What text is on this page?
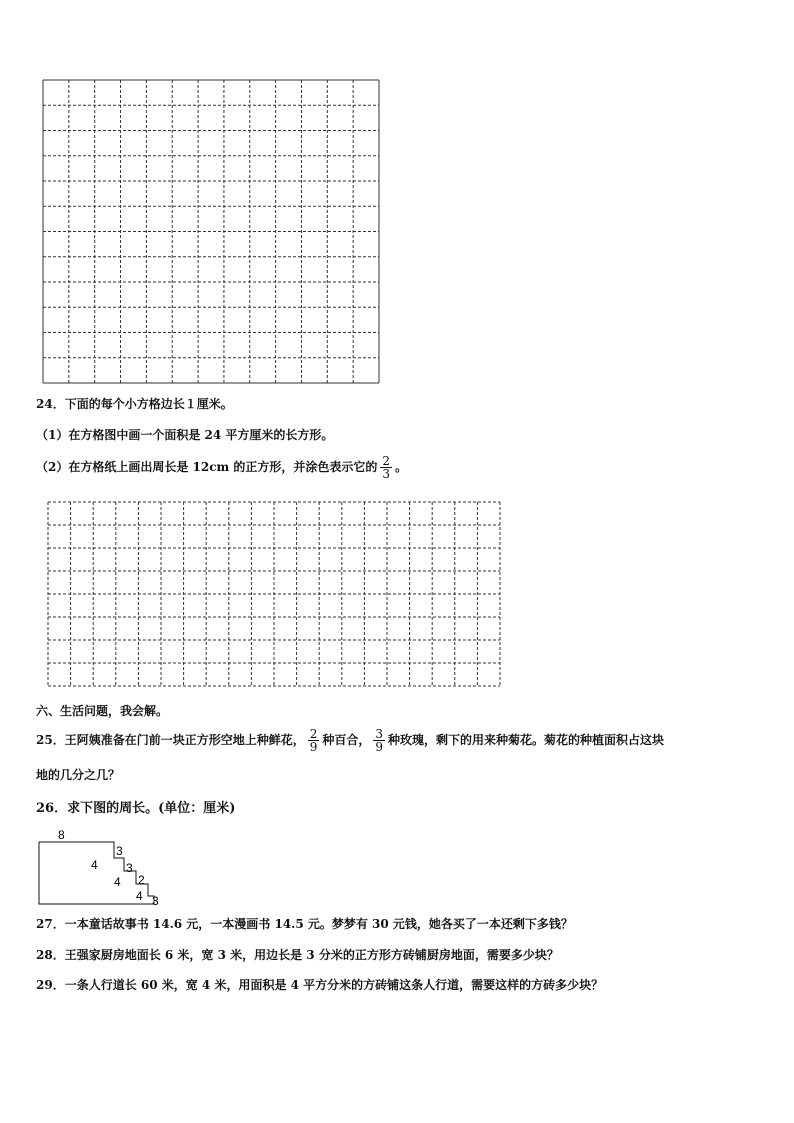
24．下面的每个小方格边长１厘米。
（1）在方格图中画一个面积是 24 平方厘米的长方形。
（2）在方格纸上画出周长是 12cm 的正方形，并涂色表示它的 $\frac{2}{3}$ 。
六、生活问题，我会解。
25．王阿姨准备在门前一块正方形空地上种鲜花， $\frac{2}{9}$ 种百合， $\frac{3}{9}$ 种玫瑰，剩下的用来种菊花。菊花的种植面积占这块
地的几分之几？
26．求下图的周长。(单位：厘米)
8
3
4 3
4 2
4 3
27．一本童话故事书 14.6 元，一本漫画书 14.5 元。梦梦有 30 元钱，她各买了一本还剩下多钱？
28．王强家厨房地面长 6 米，宽 3 米，用边长是 3 分米的正方形方砖铺厨房地面，需要多少块？
29．一条人行道长 60 米，宽 4 米，用面积是 4 平方分米的方砖铺这条人行道，需要这样的方砖多少块？
